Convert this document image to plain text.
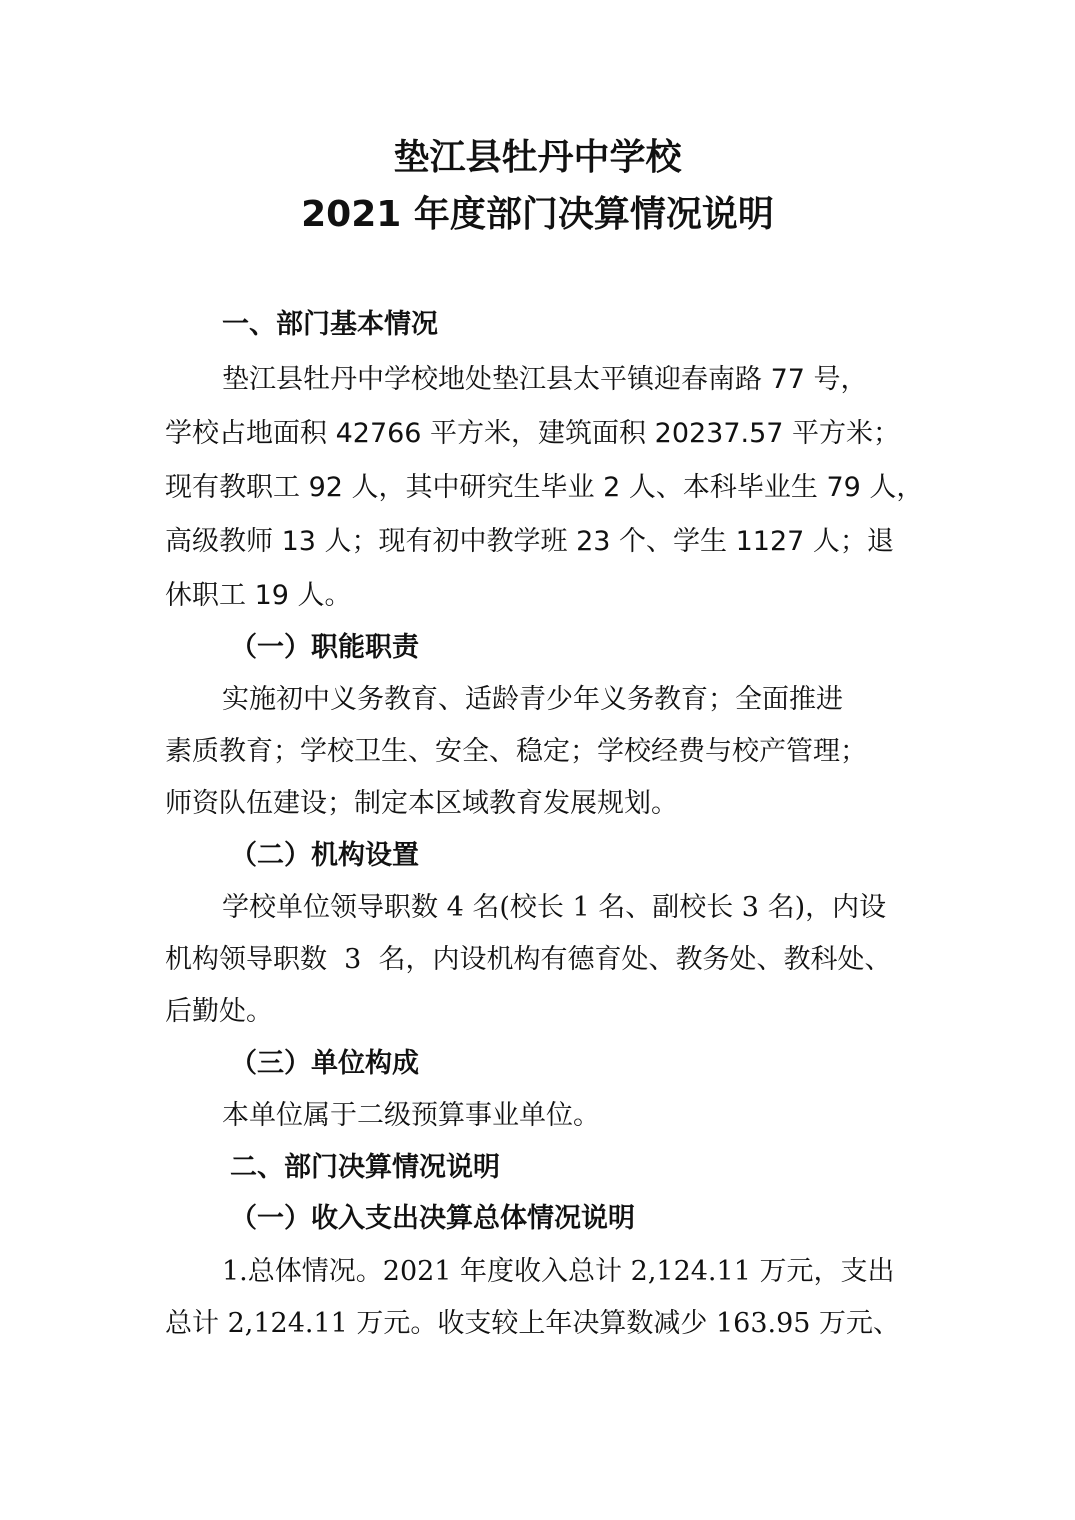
垫江县牡丹中学校
2021 年度部门决算情况说明
一、部门基本情况
垫江县牡丹中学校地处垫江县太平镇迎春南路 77 号，
学校占地面积 42766 平方米，建筑面积 20237.57 平方米；
现有教职工 92 人，其中研究生毕业 2 人、本科毕业生 79 人，
高级教师 13 人；现有初中教学班 23 个、学生 1127 人；退
休职工 19 人。
（一）职能职责
实施初中义务教育、适龄青少年义务教育；全面推进
素质教育；学校卫生、安全、稳定；学校经费与校产管理；
师资队伍建设；制定本区域教育发展规划。
（二）机构设置
学校单位领导职数 4 名(校长 1 名、副校长 3 名)，内设
机构领导职数  3  名，内设机构有德育处、教务处、教科处、
后勤处。
（三）单位构成
本单位属于二级预算事业单位。
二、部门决算情况说明
（一）收入支出决算总体情况说明
1.总体情况。2021 年度收入总计 2,124.11 万元，支出
总计 2,124.11 万元。收支较上年决算数减少 163.95 万元、
